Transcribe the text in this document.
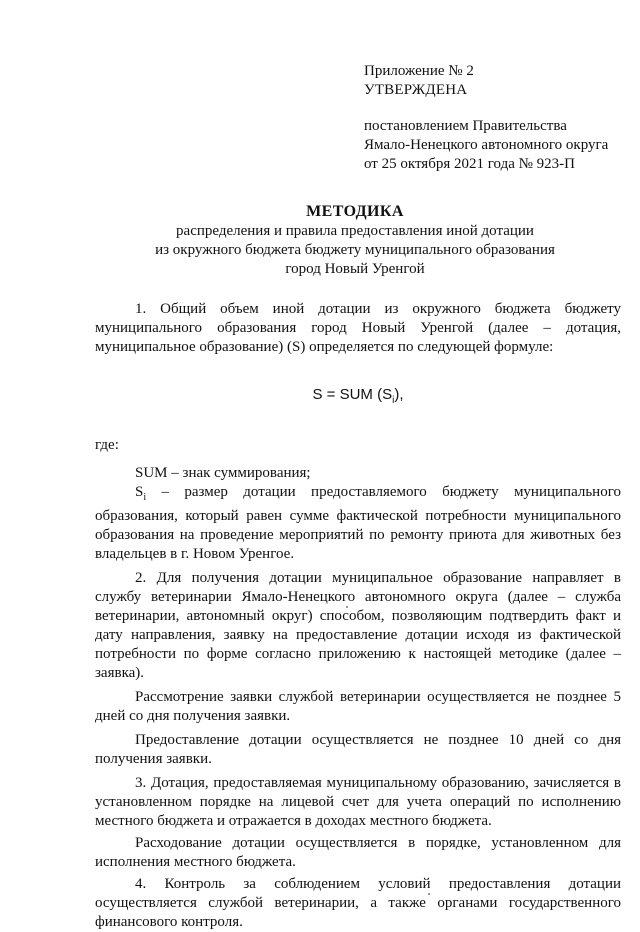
Приложение № 2
УТВЕРЖДЕНА
постановлением Правительства
Ямало-Ненецкого автономного округа
от 25 октября 2021 года № 923-П
МЕТОДИКА
распределения и правила предоставления иной дотации
из окружного бюджета бюджету муниципального образования
город Новый Уренгой

1. Общий объем иной дотации из окружного бюджета бюджету муниципального образования город Новый Уренгой (далее – дотация, муниципальное образование) (S) определяется по следующей формуле:

S = SUM $(S_i)$,

где:

SUM – знак суммирования;

$S_i$ – размер дотации предоставляемого бюджету муниципального образования, который равен сумме фактической потребности муниципального образования на проведение мероприятий по ремонту приюта для животных без владельцев в г. Новом Уренгое.

2. Для получения дотации муниципальное образование направляет в службу ветеринарии Ямало-Ненецкого автономного округа (далее – служба ветеринарии, автономный округ) способом, позволяющим подтвердить факт и дату направления, заявку на предоставление дотации исходя из фактической потребности по форме согласно приложению к настоящей методике (далее – заявка).

Рассмотрение заявки службой ветеринарии осуществляется не позднее 5 дней со дня получения заявки.

Предоставление дотации осуществляется не позднее 10 дней со дня получения заявки.

3. Дотация, предоставляемая муниципальному образованию, зачисляется в установленном порядке на лицевой счет для учета операций по исполнению местного бюджета и отражается в доходах местного бюджета.

Расходование дотации осуществляется в порядке, установленном для исполнения местного бюджета.

4. Контроль за соблюдением условий предоставления дотации осуществляется службой ветеринарии, а также органами государственного финансового контроля.
